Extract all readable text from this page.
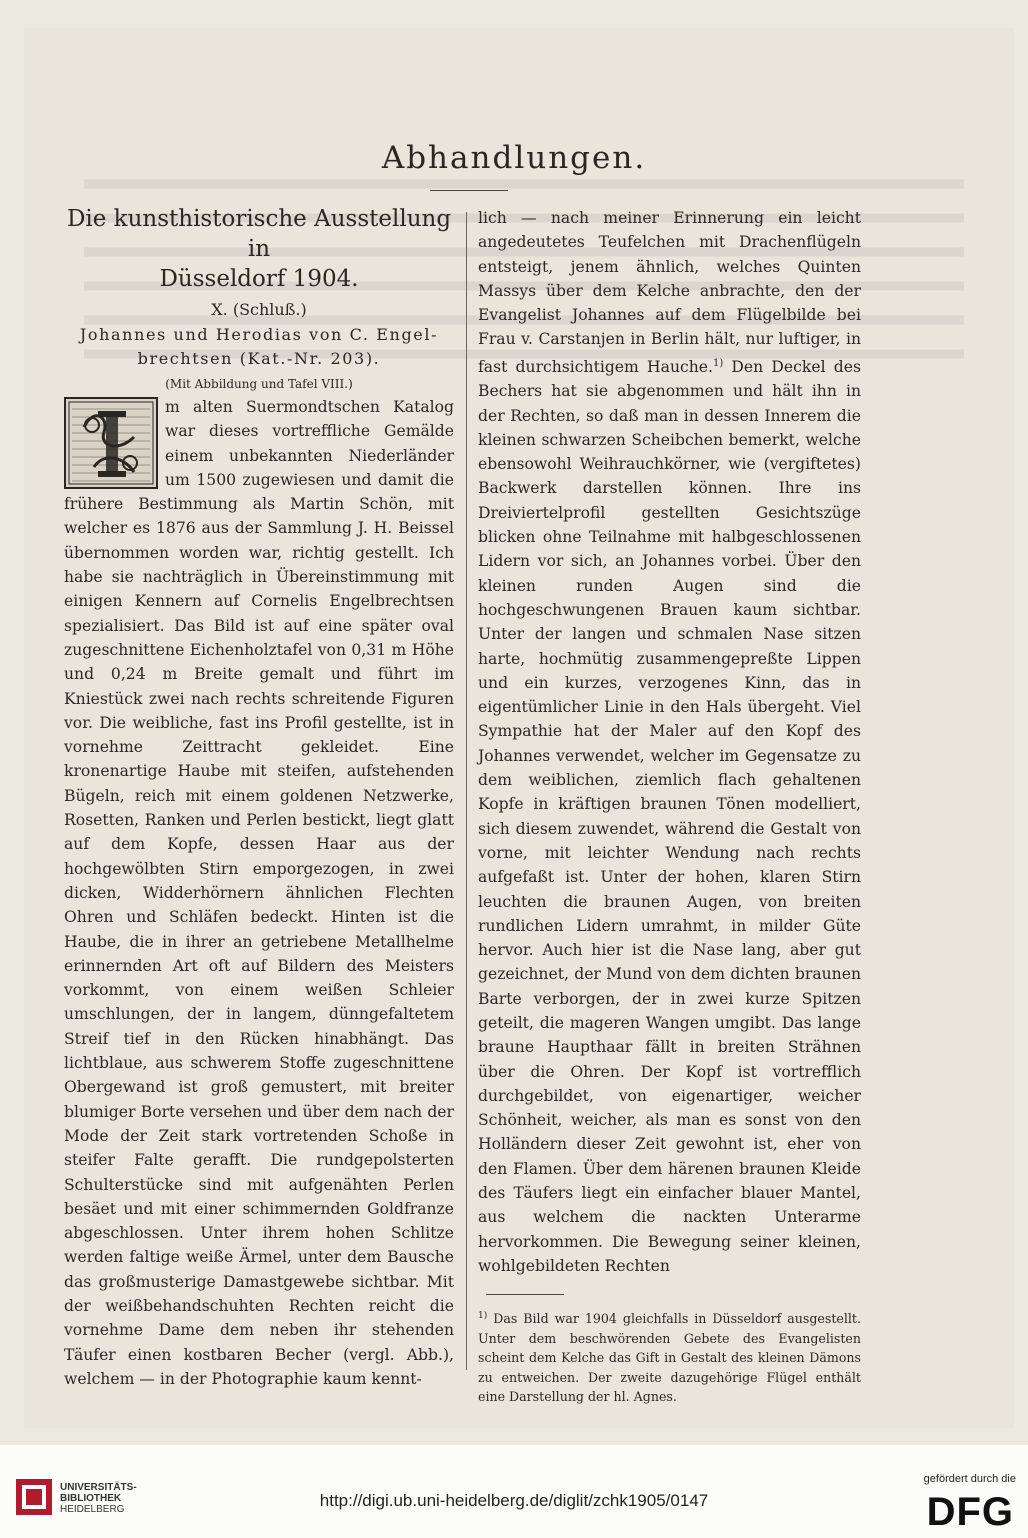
Abhandlungen.
Die kunsthistorische Ausstellung in
Düsseldorf 1904.
X. (Schluß.)
Johannes und Herodias von C. Engel-
brechtsen (Kat.-Nr. 203).
(Mit Abbildung und Tafel VIII.)

m alten Suermondtschen Katalog war dieses vortreffliche Gemälde einem unbekannten Niederländer um 1500 zugewiesen und damit die frühere Bestimmung als Martin Schön, mit welcher es 1876 aus der Sammlung J. H. Beissel übernommen worden war, richtig gestellt. Ich habe sie nachträglich in Übereinstimmung mit einigen Kennern auf Cornelis Engelbrechtsen spezialisiert. Das Bild ist auf eine später oval zugeschnittene Eichenholztafel von 0,31 m Höhe und 0,24 m Breite gemalt und führt im Kniestück zwei nach rechts schreitende Figuren vor. Die weibliche, fast ins Profil gestellte, ist in vornehme Zeittracht gekleidet. Eine kronenartige Haube mit steifen, aufstehenden Bügeln, reich mit einem goldenen Netzwerke, Rosetten, Ranken und Perlen bestickt, liegt glatt auf dem Kopfe, dessen Haar aus der hochgewölbten Stirn emporgezogen, in zwei dicken, Widderhörnern ähnlichen Flechten Ohren und Schläfen bedeckt. Hinten ist die Haube, die in ihrer an getriebene Metallhelme erinnernden Art oft auf Bildern des Meisters vorkommt, von einem weißen Schleier umschlungen, der in langem, dünngefaltetem Streif tief in den Rücken hinabhängt. Das lichtblaue, aus schwerem Stoffe zugeschnittene Obergewand ist groß gemustert, mit breiter blumiger Borte versehen und über dem nach der Mode der Zeit stark vortretenden Schoße in steifer Falte gerafft. Die rundgepolsterten Schulterstücke sind mit aufgenähten Perlen besäet und mit einer schimmernden Goldfranze abgeschlossen. Unter ihrem hohen Schlitze werden faltige weiße Ärmel, unter dem Bausche das großmusterige Damastgewebe sichtbar. Mit der weißbehandschuhten Rechten reicht die vornehme Dame dem neben ihr stehenden Täufer einen kostbaren Becher (vergl. Abb.), welchem — in der Photographie kaum kennt-

lich — nach meiner Erinnerung ein leicht angedeutetes Teufelchen mit Drachenflügeln entsteigt, jenem ähnlich, welches Quinten Massys über dem Kelche anbrachte, den der Evangelist Johannes auf dem Flügelbilde bei Frau v. Carstanjen in Berlin hält, nur luftiger, in fast durchsichtigem Hauche.$^{1)}$ Den Deckel des Bechers hat sie abgenommen und hält ihn in der Rechten, so daß man in dessen Innerem die kleinen schwarzen Scheibchen bemerkt, welche ebensowohl Weihrauchkörner, wie (vergiftetes) Backwerk darstellen können. Ihre ins Dreiviertelprofil gestellten Gesichtszüge blicken ohne Teilnahme mit halbgeschlossenen Lidern vor sich, an Johannes vorbei. Über den kleinen runden Augen sind die hochgeschwungenen Brauen kaum sichtbar. Unter der langen und schmalen Nase sitzen harte, hochmütig zusammengepreßte Lippen und ein kurzes, verzogenes Kinn, das in eigentümlicher Linie in den Hals übergeht. Viel Sympathie hat der Maler auf den Kopf des Johannes verwendet, welcher im Gegensatze zu dem weiblichen, ziemlich flach gehaltenen Kopfe in kräftigen braunen Tönen modelliert, sich diesem zuwendet, während die Gestalt von vorne, mit leichter Wendung nach rechts aufgefaßt ist. Unter der hohen, klaren Stirn leuchten die braunen Augen, von breiten rundlichen Lidern umrahmt, in milder Güte hervor. Auch hier ist die Nase lang, aber gut gezeichnet, der Mund von dem dichten braunen Barte verborgen, der in zwei kurze Spitzen geteilt, die mageren Wangen umgibt. Das lange braune Haupthaar fällt in breiten Strähnen über die Ohren. Der Kopf ist vortrefflich durchgebildet, von eigenartiger, weicher Schönheit, weicher, als man es sonst von den Holländern dieser Zeit gewohnt ist, eher von den Flamen. Über dem härenen braunen Kleide des Täufers liegt ein einfacher blauer Mantel, aus welchem die nackten Unterarme hervorkommen. Die Bewegung seiner kleinen, wohlgebildeten Rechten

$^{1)}$ Das Bild war 1904 gleichfalls in Düsseldorf ausgestellt. Unter dem beschwörenden Gebete des Evangelisten scheint dem Kelche das Gift in Gestalt des kleinen Dämons zu entweichen. Der zweite dazugehörige Flügel enthält eine Darstellung der hl. Agnes.

UNIVERSITÄTS-
BIBLIOTHEK
HEIDELBERG	http://digi.ub.uni-heidelberg.de/diglit/zchk1905/0147
gefördert durch die
DFG
